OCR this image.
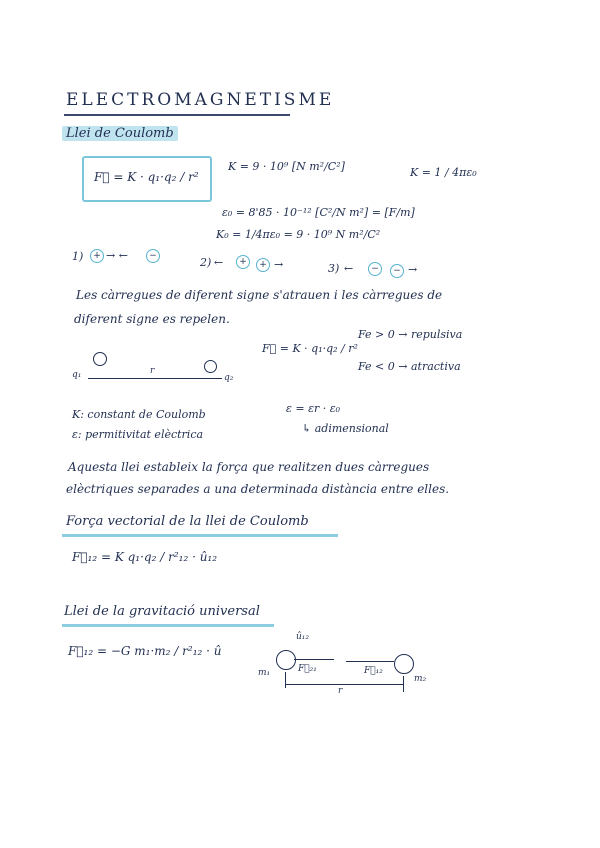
ELECTROMAGNETISME
Llei de Coulomb
F⃗ = K · q₁·q₂ / r²
K = 9 · 10⁹ [N m²/C²]	K = 1 / 4πε₀
ε₀ = 8'85 · 10⁻¹² [C²/N m²] = [F/m]
K₀ = 1/4πε₀ = 9 · 10⁹ N m²/C²
1)	+ → ←	−	2) ←	+	+ →	3) ←	−	− →
Les càrregues de diferent signe s'atrauen i les càrregues de
diferent signe es repelen.
F⃗ = K · q₁·q₂ / r²
Fe > 0 → repulsiva
Fe < 0 → atractiva
q₁	q₂
r
K: constant de Coulomb
ε: permitivitat elèctrica
ε = εr · ε₀
↳ adimensional
Aquesta llei estableix la força que realitzen dues càrregues
elèctriques separades a una determinada distància entre elles.
Força vectorial de la llei de Coulomb
F⃗₁₂ = K q₁·q₂ / r²₁₂ · û₁₂
Llei de la gravitació universal
F⃗₁₂ = −G m₁·m₂ / r²₁₂ · û
m₁
m₂
û₁₂
F⃗₂₁	F⃗₁₂
r
